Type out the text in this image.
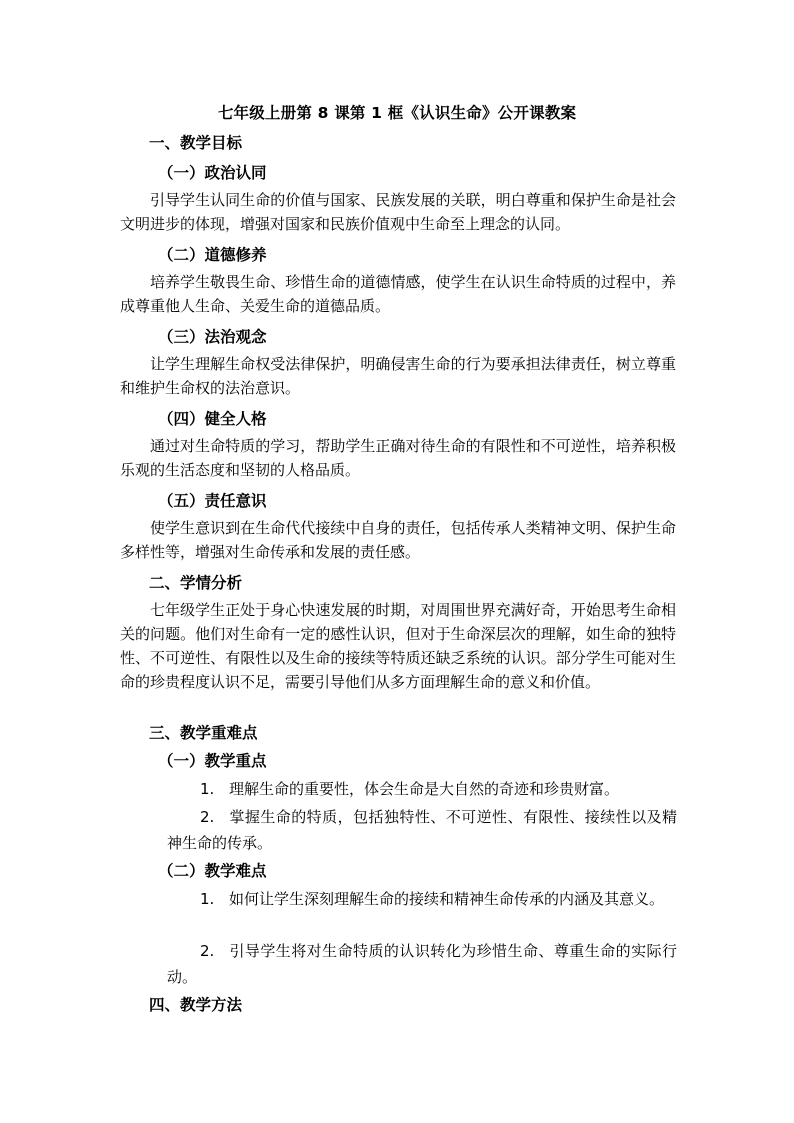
七年级上册第 8 课第 1 框《认识生命》公开课教案
一、教学目标
（一）政治认同
引导学生认同生命的价值与国家、民族发展的关联，明白尊重和保护生命是社会文明进步的体现，增强对国家和民族价值观中生命至上理念的认同。
（二）道德修养
培养学生敬畏生命、珍惜生命的道德情感，使学生在认识生命特质的过程中，养成尊重他人生命、关爱生命的道德品质。
（三）法治观念
让学生理解生命权受法律保护，明确侵害生命的行为要承担法律责任，树立尊重和维护生命权的法治意识。
（四）健全人格
通过对生命特质的学习，帮助学生正确对待生命的有限性和不可逆性，培养积极乐观的生活态度和坚韧的人格品质。
（五）责任意识
使学生意识到在生命代代接续中自身的责任，包括传承人类精神文明、保护生命多样性等，增强对生命传承和发展的责任感。
二、学情分析
七年级学生正处于身心快速发展的时期，对周围世界充满好奇，开始思考生命相关的问题。他们对生命有一定的感性认识，但对于生命深层次的理解，如生命的独特性、不可逆性、有限性以及生命的接续等特质还缺乏系统的认识。部分学生可能对生命的珍贵程度认识不足，需要引导他们从多方面理解生命的意义和价值。
三、教学重难点
（一）教学重点
1. 理解生命的重要性，体会生命是大自然的奇迹和珍贵财富。
2. 掌握生命的特质，包括独特性、不可逆性、有限性、接续性以及精神生命的传承。
（二）教学难点
1. 如何让学生深刻理解生命的接续和精神生命传承的内涵及其意义。
2. 引导学生将对生命特质的认识转化为珍惜生命、尊重生命的实际行动。
四、教学方法
